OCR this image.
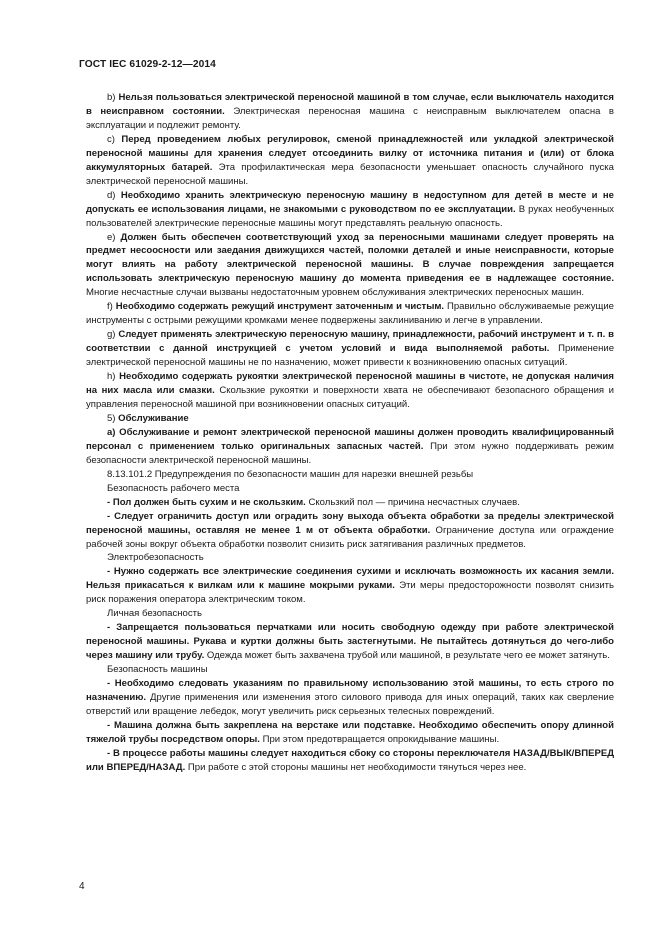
ГОСТ IEC 61029-2-12—2014

b) Нельзя пользоваться электрической переносной машиной в том случае, если выключатель находится в неисправном состоянии. Электрическая переносная машина с неисправным выключателем опасна в эксплуатации и подлежит ремонту.

c) Перед проведением любых регулировок, сменой принадлежностей или укладкой электрической переносной машины для хранения следует отсоединить вилку от источника питания и (или) от блока аккумуляторных батарей. Эта профилактическая мера безопасности уменьшает опасность случайного пуска электрической переносной машины.

d) Необходимо хранить электрическую переносную машину в недоступном для детей в месте и не допускать ее использования лицами, не знакомыми с руководством по ее эксплуатации. В руках необученных пользователей электрические переносные машины могут представлять реальную опасность.

e) Должен быть обеспечен соответствующий уход за переносными машинами следует проверять на предмет несоосности или заедания движущихся частей, поломки деталей и иные неисправности, которые могут влиять на работу электрической переносной машины. В случае повреждения запрещается использовать электрическую переносную машину до момента приведения ее в надлежащее состояние. Многие несчастные случаи вызваны недостаточным уровнем обслуживания электрических переносных машин.

f) Необходимо содержать режущий инструмент заточенным и чистым. Правильно обслуживаемые режущие инструменты с острыми режущими кромками менее подвержены заклиниванию и легче в управлении.

g) Следует применять электрическую переносную машину, принадлежности, рабочий инструмент и т. п. в соответствии с данной инструкцией с учетом условий и вида выполняемой работы. Применение электрической переносной машины не по назначению, может привести к возникновению опасных ситуаций.

h) Необходимо содержать рукоятки электрической переносной машины в чистоте, не допуская наличия на них масла или смазки. Скользкие рукоятки и поверхности хвата не обеспечивают безопасного обращения и управления переносной машиной при возникновении опасных ситуаций.

5) Обслуживание

a) Обслуживание и ремонт электрической переносной машины должен проводить квалифицированный персонал с применением только оригинальных запасных частей. При этом нужно поддерживать режим безопасности электрической переносной машины.

8.13.101.2 Предупреждения по безопасности машин для нарезки внешней резьбы

Безопасность рабочего места

- Пол должен быть сухим и не скользким. Скользкий пол — причина несчастных случаев.

- Следует ограничить доступ или оградить зону выхода объекта обработки за пределы электрической переносной машины, оставляя не менее 1 м от объекта обработки. Ограничение доступа или ограждение рабочей зоны вокруг объекта обработки позволит снизить риск затягивания различных предметов.

Электробезопасность

- Нужно содержать все электрические соединения сухими и исключать возможность их касания земли. Нельзя прикасаться к вилкам или к машине мокрыми руками. Эти меры предосторожности позволят снизить риск поражения оператора электрическим током.

Личная безопасность

- Запрещается пользоваться перчатками или носить свободную одежду при работе электрической переносной машины. Рукава и куртки должны быть застегнутыми. Не пытайтесь дотянуться до чего-либо через машину или трубу. Одежда может быть захвачена трубой или машиной, в результате чего ее может затянуть.

Безопасность машины

- Необходимо следовать указаниям по правильному использованию этой машины, то есть строго по назначению. Другие применения или изменения этого силового привода для иных операций, таких как сверление отверстий или вращение лебедок, могут увеличить риск серьезных телесных повреждений.

- Машина должна быть закреплена на верстаке или подставке. Необходимо обеспечить опору длинной тяжелой трубы посредством опоры. При этом предотвращается опрокидывание машины.

- В процессе работы машины следует находиться сбоку со стороны переключателя НАЗАД/ВЫК/ВПЕРЕД или ВПЕРЕД/НАЗАД. При работе с этой стороны машины нет необходимости тянуться через нее.

4
